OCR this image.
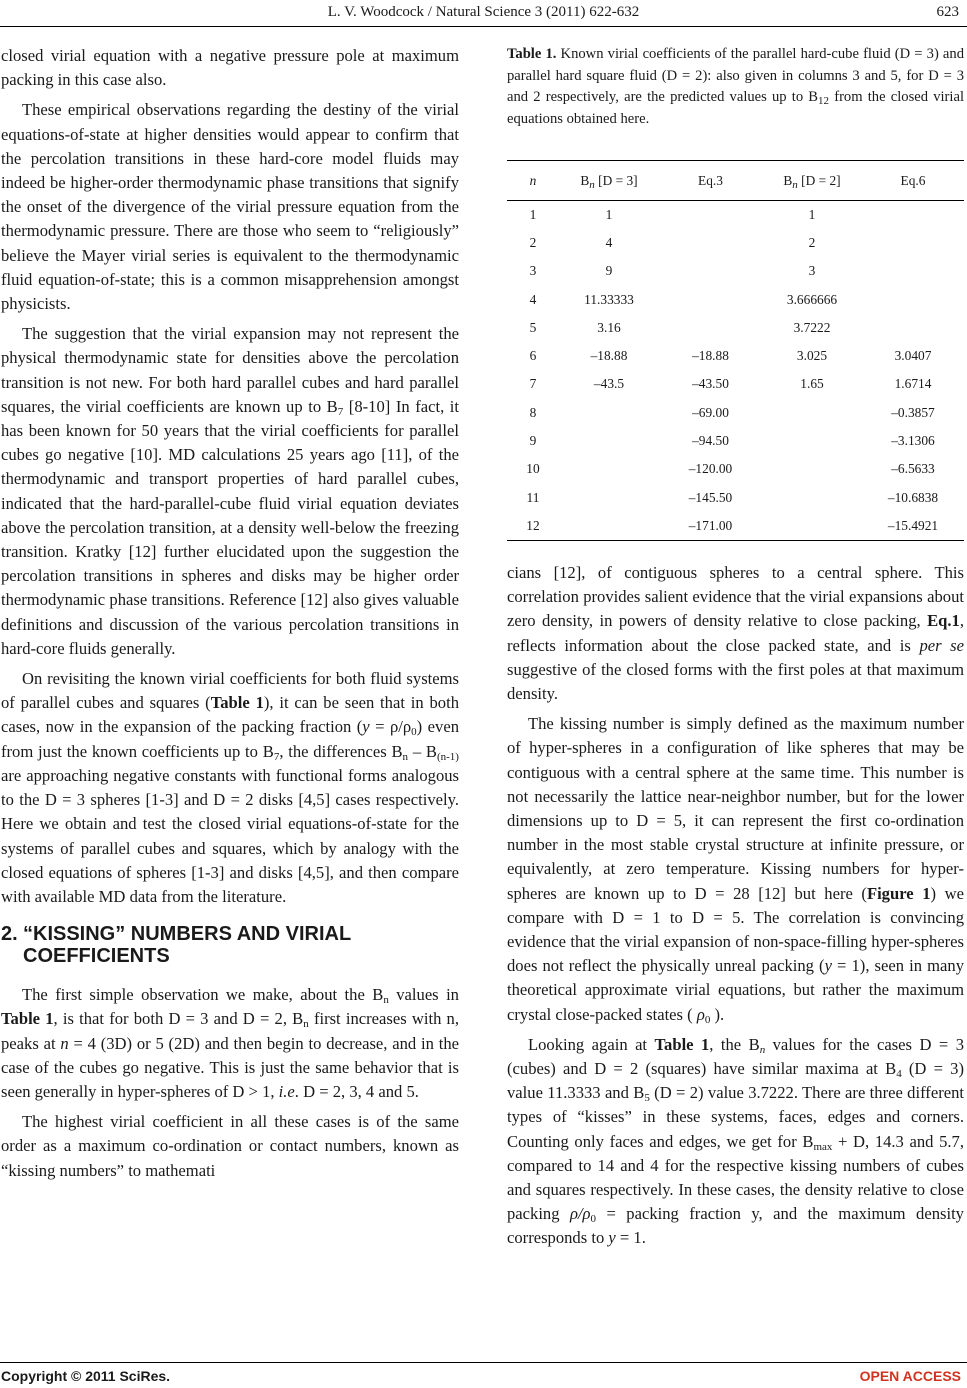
L. V. Woodcock / Natural Science 3 (2011) 622-632	623

closed virial equation with a negative pressure pole at maximum packing in this case also.

These empirical observations regarding the destiny of the virial equations-of-state at higher densities would appear to confirm that the percolation transitions in these hard-core model fluids may indeed be higher-order thermodynamic phase transitions that signify the onset of the divergence of the virial pressure equation from the thermodynamic pressure. There are those who seem to “religiously” believe the Mayer virial series is equivalent to the thermodynamic fluid equation-of-state; this is a common misapprehension amongst physicists.

The suggestion that the virial expansion may not represent the physical thermodynamic state for densities above the percolation transition is not new. For both hard parallel cubes and hard parallel squares, the virial coefficients are known up to $B_7$ [8-10] In fact, it has been known for 50 years that the virial coefficients for parallel cubes go negative [10]. MD calculations 25 years ago [11], of the thermodynamic and transport properties of hard parallel cubes, indicated that the hard-parallel-cube fluid virial equation deviates above the percolation transition, at a density well-below the freezing transition. Kratky [12] further elucidated upon the suggestion the percolation transitions in spheres and disks may be higher order thermodynamic phase transitions. Reference [12] also gives valuable definitions and discussion of the various percolation transitions in hard-core fluids generally.

On revisiting the known virial coefficients for both fluid systems of parallel cubes and squares (Table 1), it can be seen that in both cases, now in the expansion of the packing fraction $(y = \rho/\rho_0)$ even from just the known coefficients up to $B_7$, the differences $B_n - B_{(n-1)}$ are approaching negative constants with functional forms analogous to the D = 3 spheres [1-3] and D = 2 disks [4,5] cases respectively. Here we obtain and test the closed virial equations-of-state for the systems of parallel cubes and squares, which by analogy with the closed equations of spheres [1-3] and disks [4,5], and then compare with available MD data from the literature.

2. “KISSING” NUMBERS AND VIRIAL
COEFFICIENTS

The first simple observation we make, about the $B_n$ values in Table 1, is that for both D = 3 and D = 2, $B_n$ first increases with n, peaks at n = 4 (3D) or 5 (2D) and then begin to decrease, and in the case of the cubes go negative. This is just the same behavior that is seen generally in hyper-spheres of D > 1, i.e. D = 2, 3, 4 and 5.

The highest virial coefficient in all these cases is of the same order as a maximum co-ordination or contact numbers, known as “kissing numbers” to mathemati

Table 1. Known virial coefficients of the parallel hard-cube fluid (D = 3) and parallel hard square fluid (D = 2): also given in columns 3 and 5, for D = 3 and 2 respectively, are the predicted values up to $B_{12}$ from the closed virial equations obtained here.
n	$B_n$ [D = 3]	Eq.3	$B_n$ [D = 2]	Eq.6
1	1		1	
2	4		2	
3	9		3	
4	11.33333		3.666666	
5	3.16		3.7222	
6	–18.88	–18.88	3.025	3.0407
7	–43.5	–43.50	1.65	1.6714
8		–69.00		–0.3857
9		–94.50		–3.1306
10		–120.00		–6.5633
11		–145.50		–10.6838
12		–171.00		–15.4921

cians [12], of contiguous spheres to a central sphere. This correlation provides salient evidence that the virial expansions about zero density, in powers of density relative to close packing, Eq.1, reflects information about the close packed state, and is per se suggestive of the closed forms with the first poles at that maximum density.

The kissing number is simply defined as the maximum number of hyper-spheres in a configuration of like spheres that may be contiguous with a central sphere at the same time. This number is not necessarily the lattice near-neighbor number, but for the lower dimensions up to D = 5, it can represent the first co-ordination number in the most stable crystal structure at infinite pressure, or equivalently, at zero temperature. Kissing numbers for hyper-spheres are known up to D = 28 [12] but here (Figure 1) we compare with D = 1 to D = 5. The correlation is convincing evidence that the virial expansion of non-space-filling hyper-spheres does not reflect the physically unreal packing (y = 1), seen in many theoretical approximate virial equations, but rather the maximum crystal close-packed states ( $\rho_0$ ).

Looking again at Table 1, the $B_n$ values for the cases D = 3 (cubes) and D = 2 (squares) have similar maxima at $B_4$ (D = 3) value 11.3333 and $B_5$ (D = 2) value 3.7222. There are three different types of “kisses” in these systems, faces, edges and corners. Counting only faces and edges, we get for $B_{max} + D$, 14.3 and 5.7, compared to 14 and 4 for the respective kissing numbers of cubes and squares respectively. In these cases, the density relative to close packing $\rho/\rho_0$ = packing fraction y, and the maximum density corresponds to y = 1.

Copyright © 2011 SciRes.	OPEN ACCESS
